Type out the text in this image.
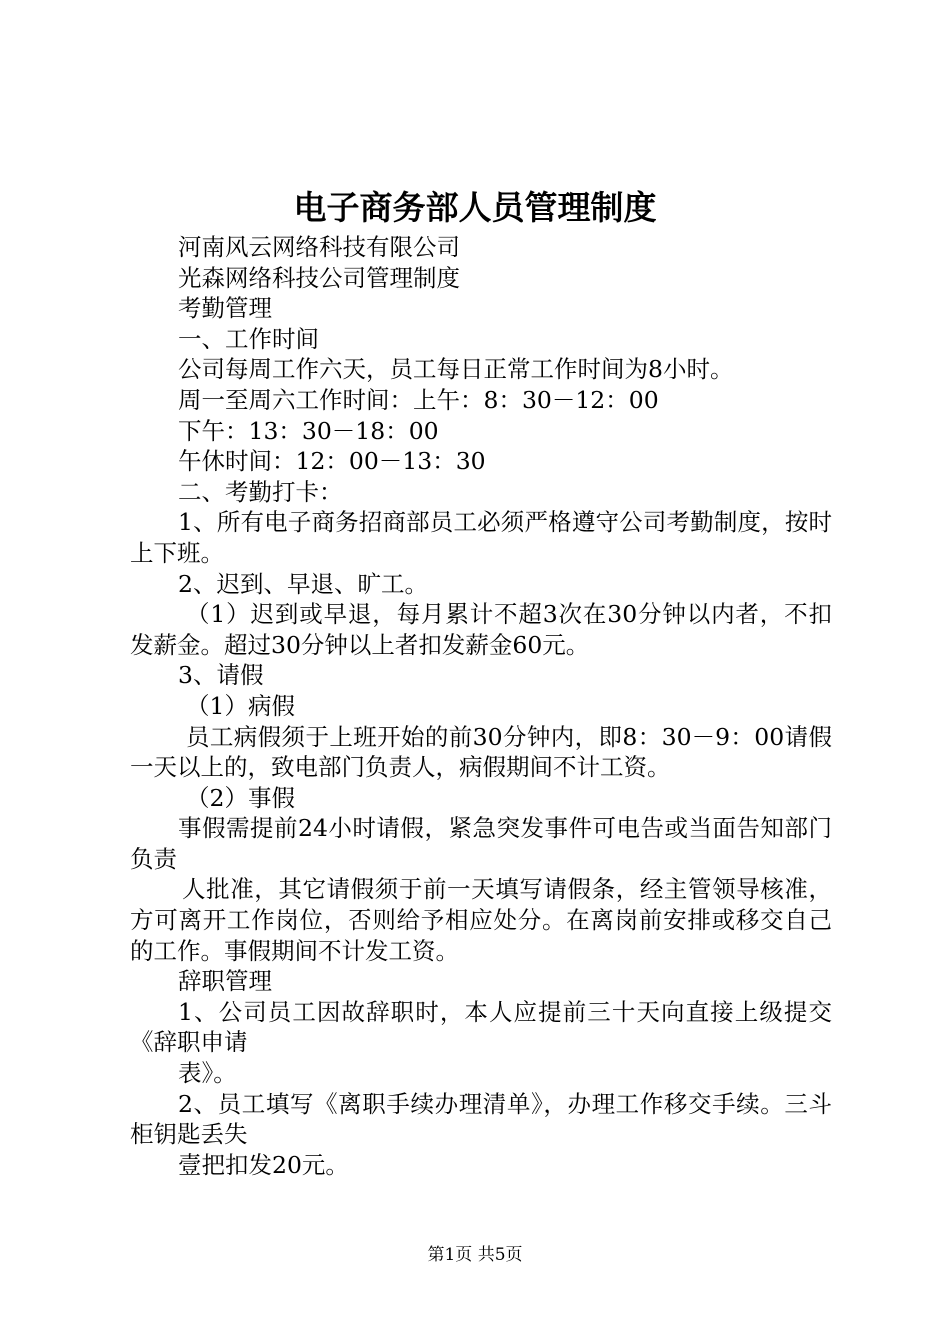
电子商务部人员管理制度

河南风云网络科技有限公司

光森网络科技公司管理制度

考勤管理

一、工作时间

公司每周工作六天，员工每日正常工作时间为8小时。

周一至周六工作时间：上午：8：30－12：00

下午：13：30－18：00

午休时间：12：00－13：30

二、考勤打卡：

1、所有电子商务招商部员工必须严格遵守公司考勤制度，按时上下班。

2、迟到、早退、旷工。

（1）迟到或早退，每月累计不超3次在30分钟以内者，不扣发薪金。超过30分钟以上者扣发薪金60元。

3、请假

（1）病假

员工病假须于上班开始的前30分钟内，即8：30－9：00请假一天以上的，致电部门负责人，病假期间不计工资。

（2）事假

事假需提前24小时请假，紧急突发事件可电告或当面告知部门负责

人批准，其它请假须于前一天填写请假条，经主管领导核准，方可离开工作岗位，否则给予相应处分。在离岗前安排或移交自己的工作。事假期间不计发工资。

辞职管理

1、公司员工因故辞职时，本人应提前三十天向直接上级提交《辞职申请

表》。

2、员工填写《离职手续办理清单》，办理工作移交手续。三斗柜钥匙丢失

壹把扣发20元。

第1页 共5页
